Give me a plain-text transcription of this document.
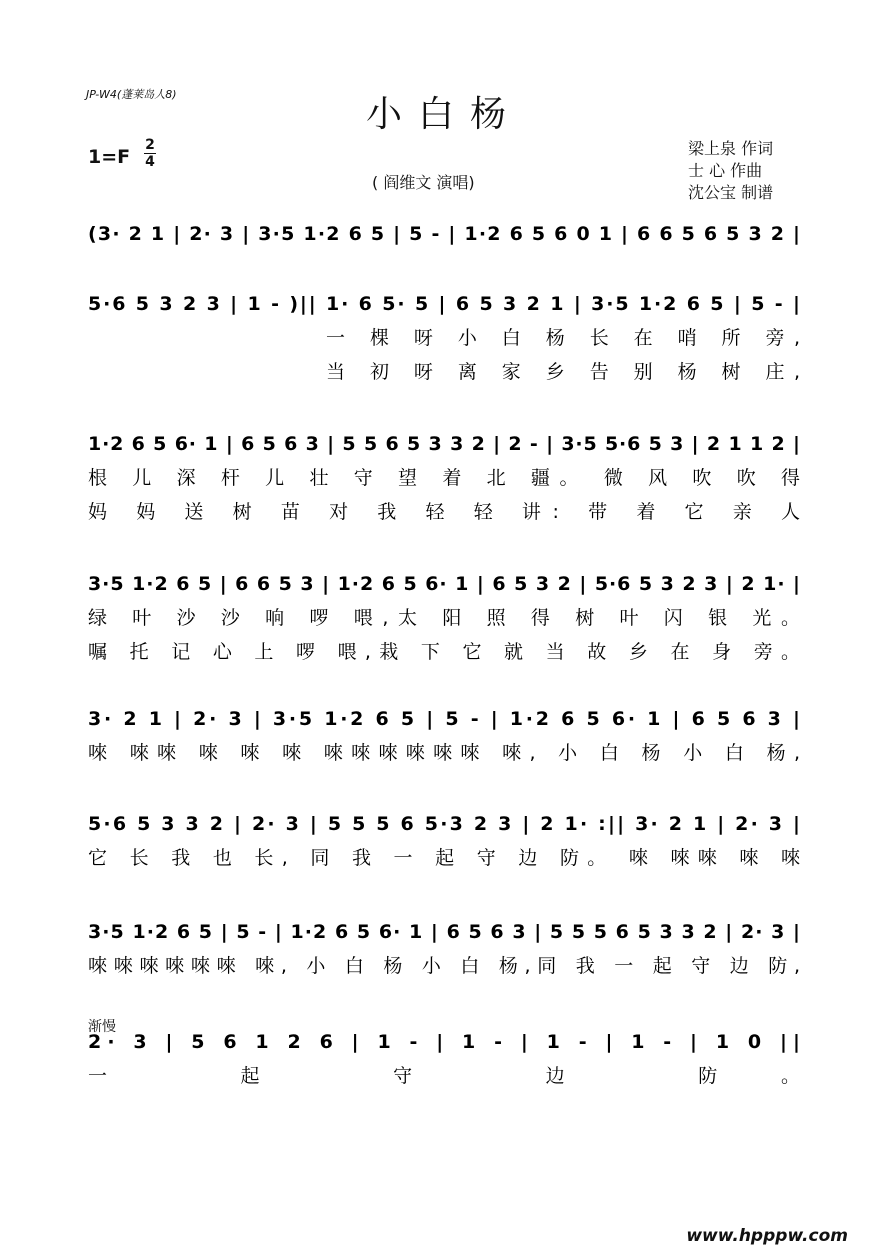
JP-W4(蓬莱岛人8)	小白杨
1=F
2
4
( 阎维文 演唱)
梁上泉 作词
士 心 作曲
沈公宝 制谱
(3· 2 1 | 2· 3 | 3·5 1·2 6 5 | 5 - | 1·2 6 5 6 0 1 | 6 6 5 6 5 3 2 |
5·6 5 3 2 3 | 1 - )|| 1· 6 5· 5 | 6 5 3 2 1 | 3·5 1·2 6 5 | 5 - |
一 棵 呀 小 白 杨 长 在 哨 所 旁,
当 初 呀 离 家 乡 告 别 杨 树 庄,
1·2 6 5 6· 1 | 6 5 6 3 | 5 5 6 5 3 3 2 | 2 - | 3·5 5·6 5 3 | 2 1 1 2 |
根 儿 深 杆 儿 壮 守 望 着 北 疆。 微 风 吹 吹 得
妈 妈 送 树 苗 对 我 轻 轻 讲: 带 着 它 亲 人
3·5 1·2 6 5 | 6 6 5 3 | 1·2 6 5 6· 1 | 6 5 3 2 | 5·6 5 3 2 3 | 2 1· |
绿 叶 沙 沙 响 啰 喂,太 阳 照 得 树 叶 闪 银 光。
嘱 托 记 心 上 啰 喂,栽 下 它 就 当 故 乡 在 身 旁。
3· 2 1 | 2· 3 | 3·5 1·2 6 5 | 5 - | 1·2 6 5 6· 1 | 6 5 6 3 |
唻 唻唻 唻 唻 唻 唻唻唻唻唻唻 唻, 小 白 杨 小 白 杨,
5·6 5 3 3 2 | 2· 3 | 5 5 5 6 5·3 2 3 | 2 1· :|| 3· 2 1 | 2· 3 |
它 长 我 也 长, 同 我 一 起 守 边 防。 唻 唻唻 唻 唻
3·5 1·2 6 5 | 5 - | 1·2 6 5 6· 1 | 6 5 6 3 | 5 5 5 6 5 3 3 2 | 2· 3 |
唻唻唻唻唻唻 唻, 小 白 杨 小 白 杨,同 我 一 起 守 边 防,
2· 3 | 5 6 1 2 6 | 1 - | 1 - | 1 - | 1 - | 1 0 ||
一 起 守 边 防。
渐慢
www.hpppw.com
